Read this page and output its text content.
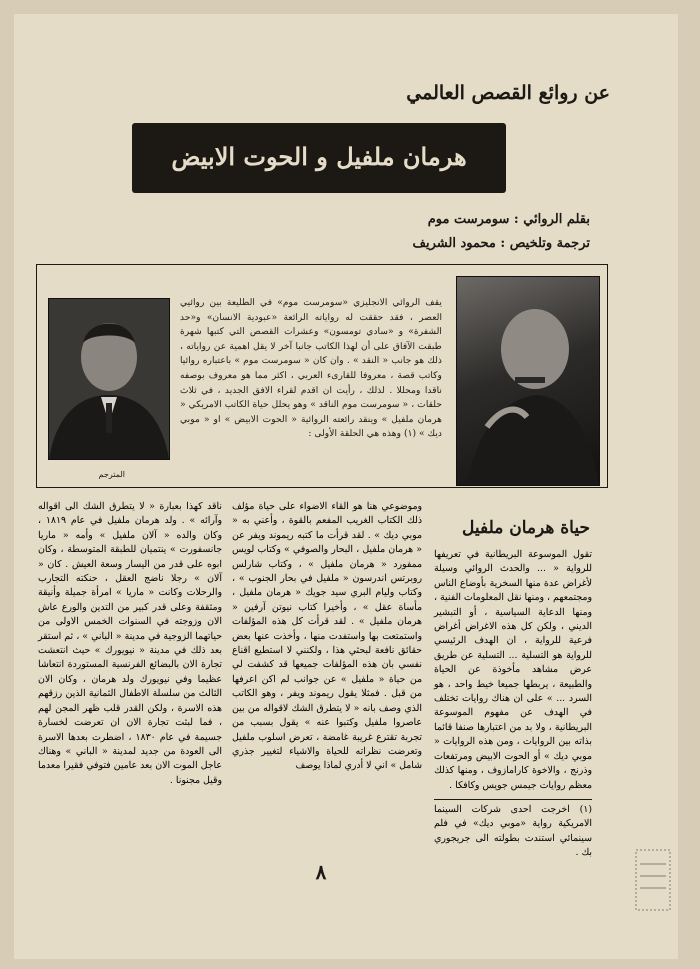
عن روائع القصص العالمي
هرمان ملفيل و الحوت الابيض
بقلم الروائي : سومرست موم
ترجمة وتلخيص : محمود الشريف
المترجم
يقف الروائي الانجليزي «سومرست موم» في الطليعة بين روائيي العصر ، فقد حققت له رواياته الرائعة «عبودية الانسان» و«حد الشفرة» و «سادي تومسون» وعشرات القصص التي كتبها شهرة طبقت الآفاق على أن لهذا الكاتب جانبا آخر لا يقل اهمية عن رواياته ، ذلك هو جانب « النقد » . وان كان « سومرست موم » باعتباره روائيا وكاتب قصة ، معروفا للقارىء العربي ، اكثر مما هو معروف بوصفه ناقدا ومحللا . لذلك ، رأيت ان اقدم لقراء الافق الجديد ، في ثلاث حلقات ، « سومرست موم الناقد » وهو يحلل حياة الكاتب الامريكي « هرمان ملفيل » وينقد رائعته الروائية « الحوت الابيض » او « موبي ديك » (١) وهذه هي الحلقة الأولى :
حياة هرمان ملفيل

تقول الموسوعة البريطانية في تعريفها للرواية « ... والحدث الروائي وسيلة لأغراض عدة منها السخرية بأوضاع الناس ومجتمعهم ، ومنها نقل المعلومات الفنية ، ومنها الدعاية السياسية ، أو التبشير الديني ، ولكن كل هذه الاغراض أغراض فرعية للرواية ، ان الهدف الرئيسي للرواية هو التسلية ... التسلية عن طريق عرض مشاهد مأخوذة عن الحياة والطبيعة ، يربطها جميعا خيط واحد ، هو السرد ... » على ان هناك روايات تختلف في الهدف عن مفهوم الموسوعة البريطانية ، ولا بد من اعتبارها صنفا قائما بذاته بين الروايات ، ومن هذه الروايات « موبي ديك » أو الحوت الابيض ومرتفعات وذرنج ، والاخوة كارامازوف ، ومنها كذلك معظم روايات جيمس جويس وكافكا .

(١) اخرجت احدى شركات السينما الامريكية رواية «موبي ديك» في فلم سينمائي استندت بطولته الى جريجوري بك .

وموضوعي هنا هو القاء الاضواء على حياة مؤلف ذلك الكتاب الغريب المفعم بالقوة ، وأعني به « موبي ديك » . لقد قرأت ما كتبه ريموند ويفر عن « هرمان ملفيل ، البحار والصوفي » وكتاب لويس ممفورد « هرمان ملفيل » ، وكتاب شارلس روبرتس اندرسون « ملفيل في بحار الجنوب » ، وكتاب وليام البري سيد جويك « هرمان ملفيل ، مأساة عقل » ، وأخيرا كتاب نيوتن آرفين « هرمان ملفيل » . لقد قرأت كل هذه المؤلفات واستمتعت بها واستفدت منها ، وأخذت عنها بعض حقائق نافعة لبحثي هذا ، ولكنني لا استطيع اقناع نفسي بان هذه المؤلفات جميعها قد كشفت لي من حياة « ملفيل » عن جوانب لم اكن اعرفها من قبل . فمثلا يقول ريموند ويفر ، وهو الكاتب الذي وصف بانه « لا يتطرق الشك لاقواله من بين عاصروا ملفيل وكتبوا عنه » يقول بسبب من تجربة تقترع غريبة غامضة ، تعرض اسلوب ملفيل وتعرضت نظراته للحياة والاشياء لتغيير جذري شامل » اني لا أدري لماذا يوصف

ناقد كهذا بعبارة « لا يتطرق الشك الى اقواله وآرائه » . ولد هرمان ملفيل في عام ١٨١٩ ، وكان والده « آلان ملفيل » وأمه « ماريا جانسفورت » ينتميان للطبقة المتوسطة ، وكان ابوه على قدر من اليسار وسعة العيش . كان « آلان » رجلا ناضج العقل ، حنكته التجارب والرحلات وكانت « ماريا » امرأة جميلة وأنيقة ومثقفة وعلى قدر كبير من التدين والورع عاش الان وزوجته في السنوات الخمس الاولى من حياتهما الزوجية في مدينة « الباني » ، ثم استقر بعد ذلك في مدينة « نيويورك » حيث انتعشت تجارة الان بالبضائع الفرنسية المستوردة انتعاشا عظيما وفي نيويورك ولد هرمان ، وكان الان الثالث من سلسلة الاطفال الثمانية الذين رزقهم هذه الاسرة ، ولكن القدر قلب ظهر المجن لهم ، فما لبثت تجارة الان ان تعرضت لخسارة جسيمة في عام ١٨٣٠ ، اضطرت بعدها الاسرة الى العودة من جديد لمدينة « الباني » وهناك عاجل الموت الان بعد عامين فتوفي فقيرا معدما وقيل مجنونا .

٨
